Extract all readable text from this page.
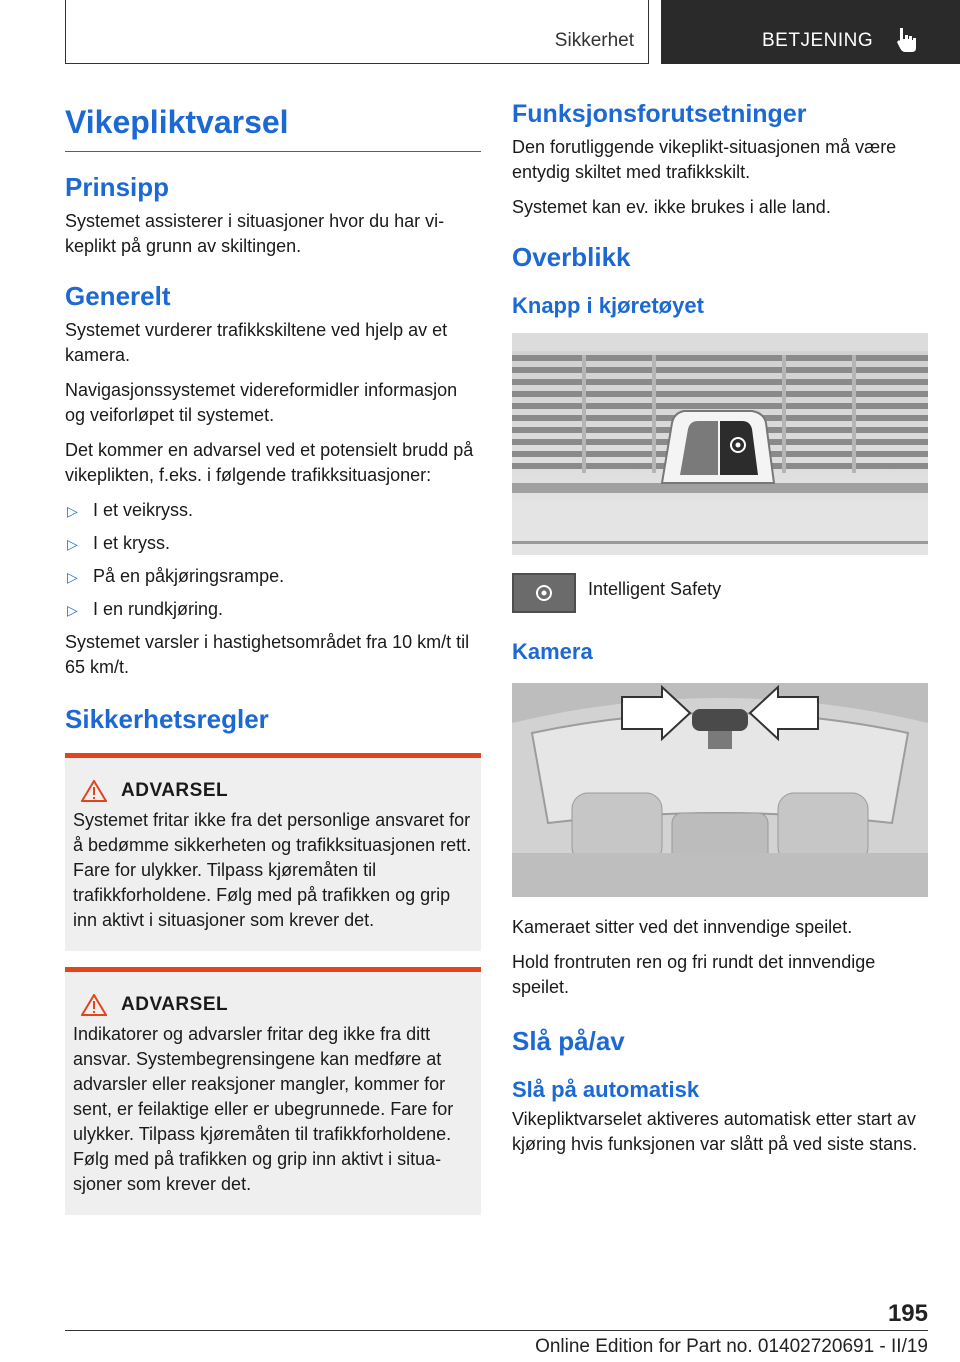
Sikkerhet	BETJENING
Vikepliktvarsel
Prinsipp

Systemet assisterer i situasjoner hvor du har vikeplikt på grunn av skiltingen.

Generelt

Systemet vurderer trafikkskiltene ved hjelp av et kamera.

Navigasjonssystemet videreformidler informasjon og veiforløpet til systemet.

Det kommer en advarsel ved et potensielt brudd på vikeplikten, f.eks. i følgende trafikksituasjoner:

▷ I et veikryss.
▷ I et kryss.
▷ På en påkjøringsrampe.
▷ I en rundkjøring.

Systemet varsler i hastighetsområdet fra 10 km/t til 65 km/t.

Sikkerhetsregler
ADVARSEL

Systemet fritar ikke fra det personlige ansvaret for å bedømme sikkerheten og trafikksituasjonen rett. Fare for ulykker. Tilpass kjøremåten til trafikkforholdene. Følg med på trafikken og grip inn aktivt i situasjoner som krever det.

ADVARSEL

Indikatorer og advarsler fritar deg ikke fra ditt ansvar. Systembegrensingene kan medføre at advarsler eller reaksjoner mangler, kommer for sent, er feilaktige eller er ubegrunnede. Fare for ulykker. Tilpass kjøremåten til trafikkforholdene. Følg med på trafikken og grip inn aktivt i situasjoner som krever det.

Funksjonsforutsetninger

Den forutliggende vikeplikt-situasjonen må være entydig skiltet med trafikkskilt.

Systemet kan ev. ikke brukes i alle land.

Overblikk
Knapp i kjøretøyet
Intelligent Safety
Kamera

Kameraet sitter ved det innvendige speilet.

Hold frontruten ren og fri rundt det innvendige speilet.

Slå på/av
Slå på automatisk

Vikepliktvarselet aktiveres automatisk etter start av kjøring hvis funksjonen var slått på ved siste stans.

195
Online Edition for Part no. 01402720691 - II/19
